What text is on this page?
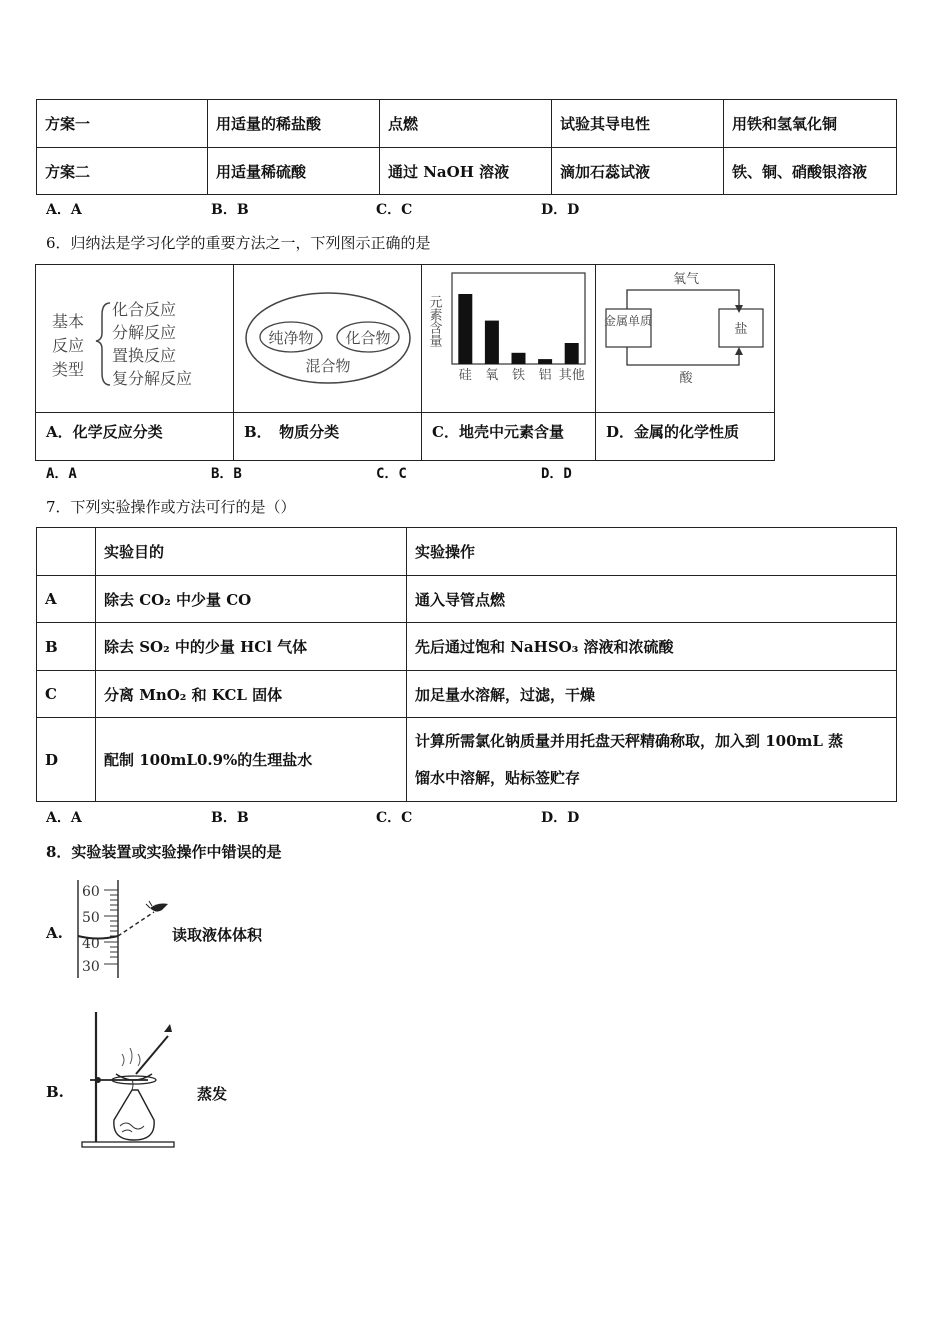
方案一	用适量的稀盐酸	点燃	试验其导电性	用铁和氢氧化铜
方案二	用适量稀硫酸	通过 NaOH 溶液	滴加石蕊试液	铁、铜、硝酸银溶液
A．A	B．B	C．C	D．D
6．归纳法是学习化学的重要方法之一，下列图示正确的是
基本
反应
类型
化合反应
分解反应
置换反应
复分解反应
A．化学反应分类
纯净物 化合物
混合物
B．　物质分类
元素含量
硅 氧 铁 铝 其他
C．地壳中元素含量
氧气
金属单质
盐
酸
D．金属的化学性质
A．A	B．B	C．C	D．D
7．下列实验操作或方法可行的是（）
	实验目的	实验操作
A	除去 CO₂ 中少量 CO	通入导管点燃
B	除去 SO₂ 中的少量 HCl 气体	先后通过饱和 NaHSO₃ 溶液和浓硫酸
C	分离 MnO₂ 和 KCL 固体	加足量水溶解，过滤，干燥
D	配制 100mL0.9%的生理盐水	计算所需氯化钠质量并用托盘天秤精确称取，加入到 100mL 蒸
馏水中溶解，贴标签贮存
A．A	B．B	C．C	D．D
8．实验装置或实验操作中错误的是
A.
60
50
40
30
读取液体体积
B.	蒸发
